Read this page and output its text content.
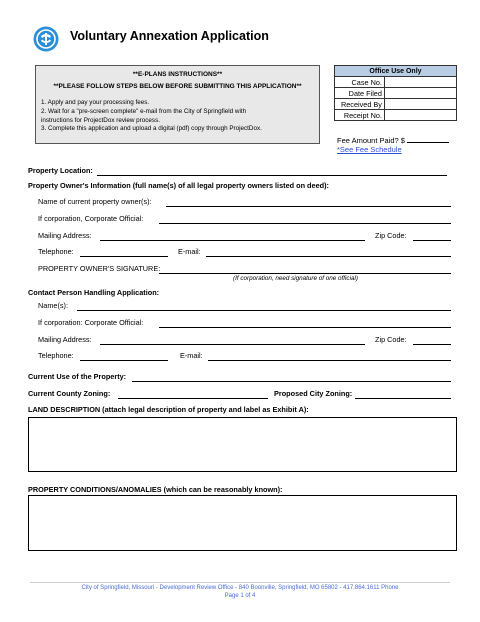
Voluntary Annexation Application
**E-PLANS INSTRUCTIONS**
**PLEASE FOLLOW STEPS BELOW BEFORE SUBMITTING THIS APPLICATION**
1. Apply and pay your processing fees.
2. Wait for a "pre-screen complete" e-mail from the City of Springfield with
instructions for ProjectDox review process.
3. Complete this application and upload a digital (pdf) copy through ProjectDox.
Office Use Only	
Case No.	
Date Filed	
Received By	
Receipt No.	
Fee Amount Paid? $
*See Fee Schedule
Property Location:
Property Owner's Information (full name(s) of all legal property owners listed on deed):
Name of current property owner(s):
If corporation, Corporate Official:
Mailing Address:	Zip Code:
Telephone:	E-mail:
PROPERTY OWNER'S SIGNATURE:
(If corporation, need signature of one official)
Contact Person Handling Application:
Name(s):
If corporation: Corporate Official:
Mailing Address:	Zip Code:
Telephone:	E-mail:
Current Use of the Property:
Current County Zoning:	Proposed City Zoning:
LAND DESCRIPTION (attach legal description of property and label as Exhibit A):
PROPERTY CONDITIONS/ANOMALIES (which can be reasonably known):
City of Springfield, Missouri - Development Review Office - 840 Boonville, Springfield, MO 65802 - 417.864.1611 Phone
Page 1 of 4
